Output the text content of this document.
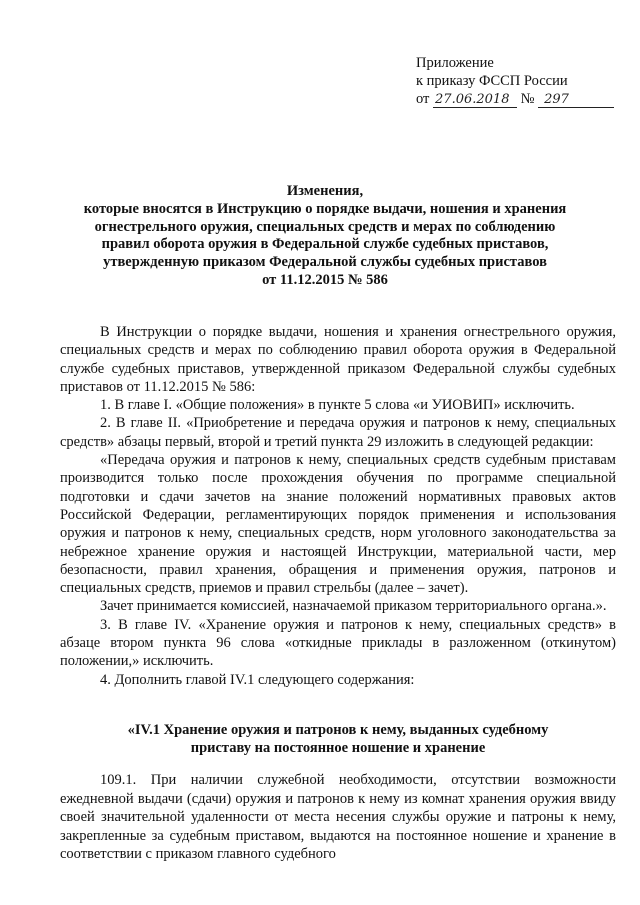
Приложение
к приказу ФССП России
от 27.06.2018 № 297
Изменения,
которые вносятся в Инструкцию о порядке выдачи, ношения и хранения
огнестрельного оружия, специальных средств и мерах по соблюдению
правил оборота оружия в Федеральной службе судебных приставов,
утвержденную приказом Федеральной службы судебных приставов
от 11.12.2015 № 586

В Инструкции о порядке выдачи, ношения и хранения огнестрельного оружия, специальных средств и мерах по соблюдению правил оборота оружия в Федеральной службе судебных приставов, утвержденной приказом Федеральной службы судебных приставов от 11.12.2015 № 586:

1. В главе I. «Общие положения» в пункте 5 слова «и УИОВИП» исключить.

2. В главе II. «Приобретение и передача оружия и патронов к нему, специальных средств» абзацы первый, второй и третий пункта 29 изложить в следующей редакции:

«Передача оружия и патронов к нему, специальных средств судебным приставам производится только после прохождения обучения по программе специальной подготовки и сдачи зачетов на знание положений нормативных правовых актов Российской Федерации, регламентирующих порядок применения и использования оружия и патронов к нему, специальных средств, норм уголовного законодательства за небрежное хранение оружия и настоящей Инструкции, материальной части, мер безопасности, правил хранения, обращения и применения оружия, патронов и специальных средств, приемов и правил стрельбы (далее – зачет).

Зачет принимается комиссией, назначаемой приказом территориального органа.».

3. В главе IV. «Хранение оружия и патронов к нему, специальных средств» в абзаце втором пункта 96 слова «откидные приклады в разложенном (откинутом) положении,» исключить.

4. Дополнить главой IV.1 следующего содержания:

«IV.1 Хранение оружия и патронов к нему, выданных судебному
приставу на постоянное ношение и хранение

109.1. При наличии служебной необходимости, отсутствии возможности ежедневной выдачи (сдачи) оружия и патронов к нему из комнат хранения оружия ввиду своей значительной удаленности от места несения службы оружие и патроны к нему, закрепленные за судебным приставом, выдаются на постоянное ношение и хранение в соответствии с приказом главного судебного
